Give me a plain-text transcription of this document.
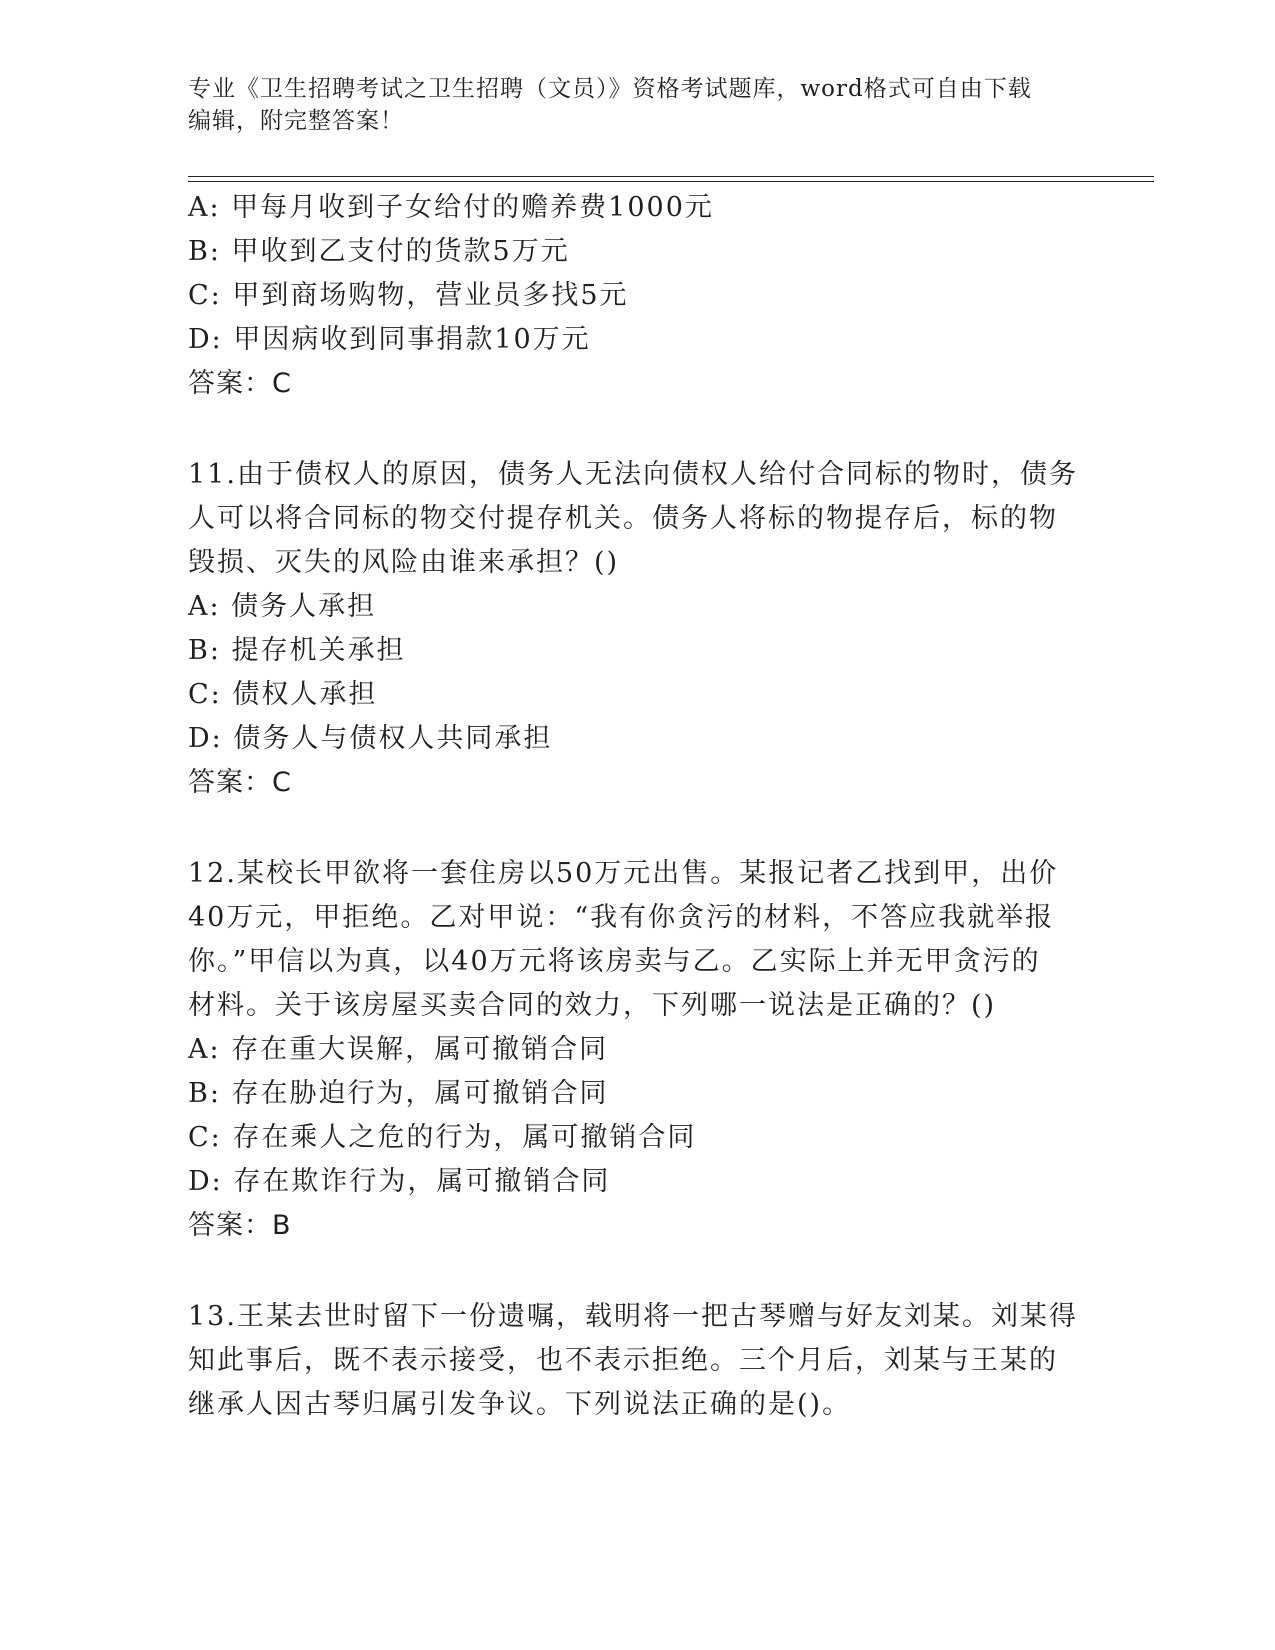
专业《卫生招聘考试之卫生招聘（文员）》资格考试题库，word格式可自由下载
编辑，附完整答案！
A: 甲每月收到子女给付的赡养费1000元
B: 甲收到乙支付的货款5万元
C: 甲到商场购物，营业员多找5元
D: 甲因病收到同事捐款10万元
答案：C
11.由于债权人的原因，债务人无法向债权人给付合同标的物时，债务
人可以将合同标的物交付提存机关。债务人将标的物提存后，标的物
毁损、灭失的风险由谁来承担？()
A: 债务人承担
B: 提存机关承担
C: 债权人承担
D: 债务人与债权人共同承担
答案：C
12.某校长甲欲将一套住房以50万元出售。某报记者乙找到甲，出价
40万元，甲拒绝。乙对甲说：“我有你贪污的材料，不答应我就举报
你。”甲信以为真，以40万元将该房卖与乙。乙实际上并无甲贪污的
材料。关于该房屋买卖合同的效力，下列哪一说法是正确的？()
A: 存在重大误解，属可撤销合同
B: 存在胁迫行为，属可撤销合同
C: 存在乘人之危的行为，属可撤销合同
D: 存在欺诈行为，属可撤销合同
答案：B
13.王某去世时留下一份遗嘱，载明将一把古琴赠与好友刘某。刘某得
知此事后，既不表示接受，也不表示拒绝。三个月后，刘某与王某的
继承人因古琴归属引发争议。下列说法正确的是()。
